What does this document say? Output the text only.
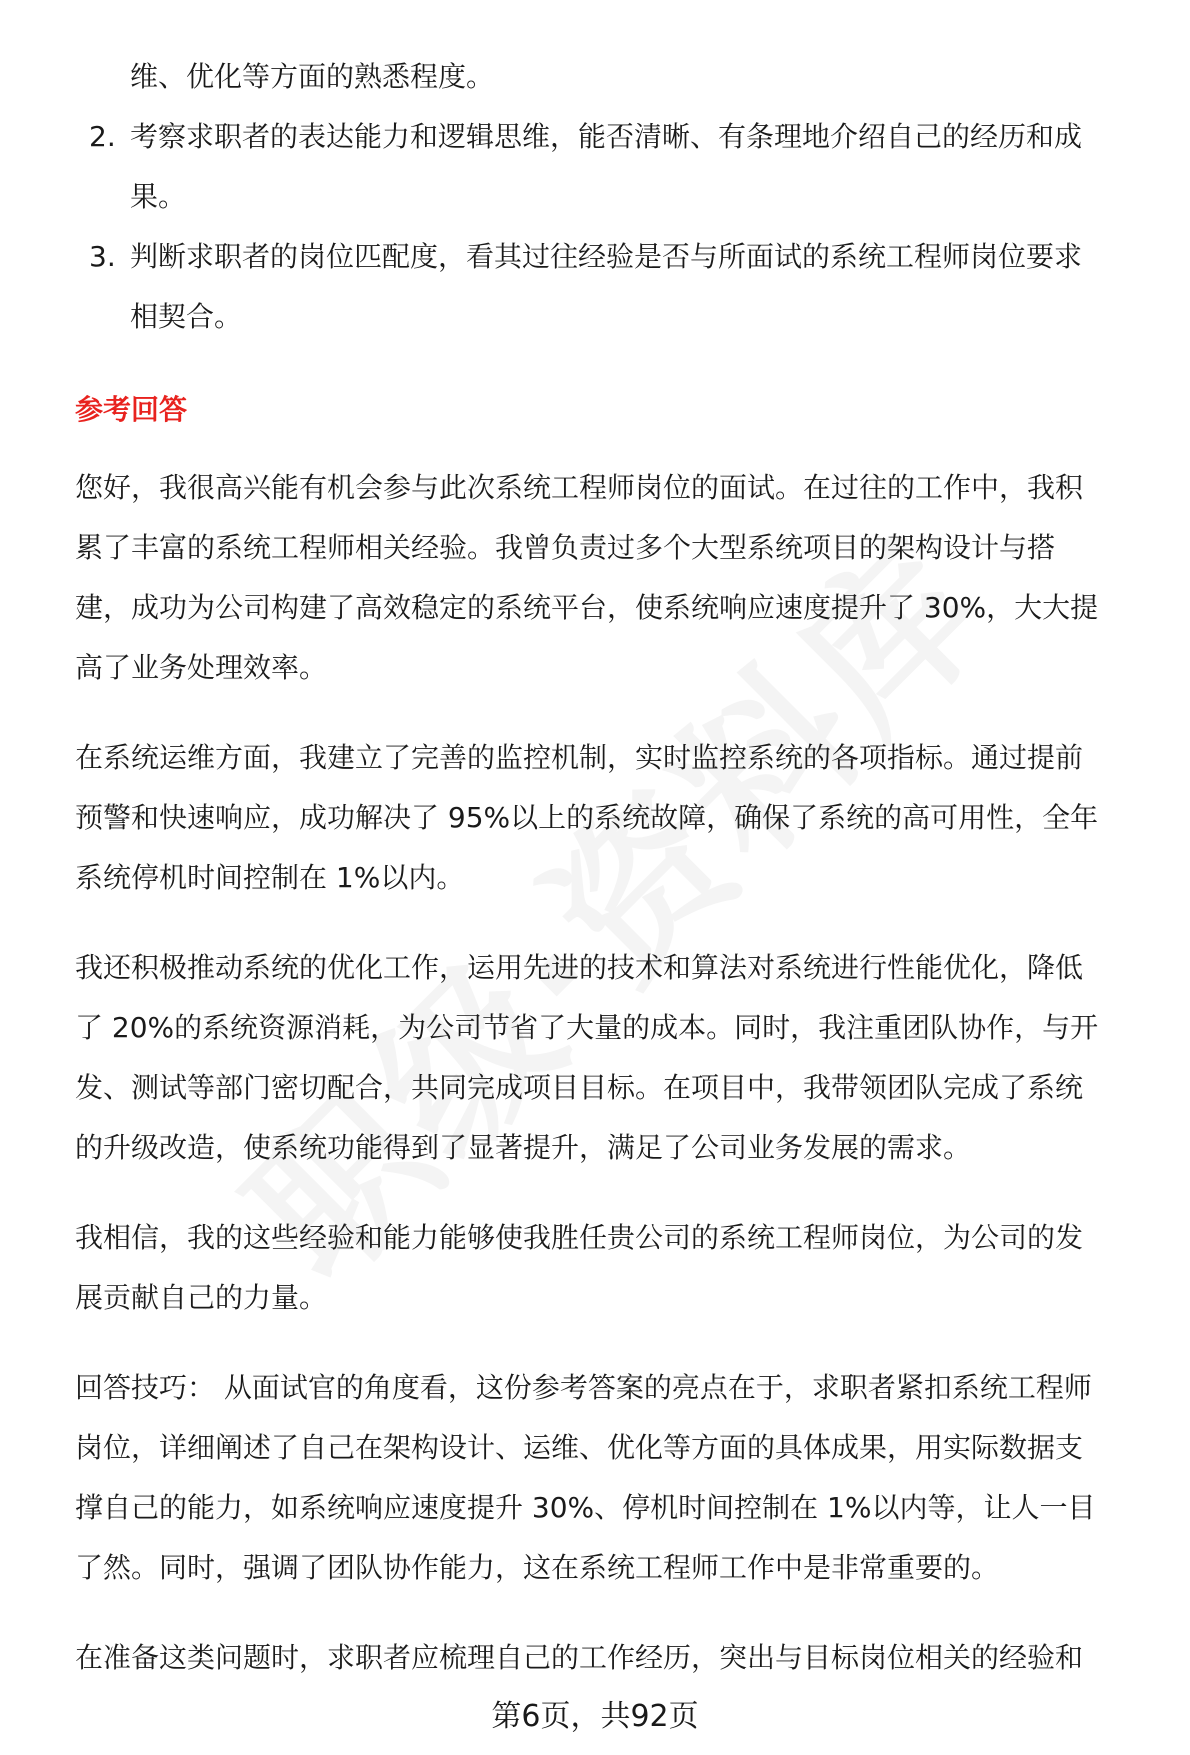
维、优化等方面的熟悉程度。
2. 考察求职者的表达能力和逻辑思维，能否清晰、有条理地介绍自己的经历和成
果。
3. 判断求职者的岗位匹配度，看其过往经验是否与所面试的系统工程师岗位要求
相契合。
参考回答
您好，我很高兴能有机会参与此次系统工程师岗位的面试。在过往的工作中，我积
累了丰富的系统工程师相关经验。我曾负责过多个大型系统项目的架构设计与搭
建，成功为公司构建了高效稳定的系统平台，使系统响应速度提升了 30%，大大提
高了业务处理效率。
在系统运维方面，我建立了完善的监控机制，实时监控系统的各项指标。通过提前
预警和快速响应，成功解决了 95%以上的系统故障，确保了系统的高可用性，全年
系统停机时间控制在 1%以内。
我还积极推动系统的优化工作，运用先进的技术和算法对系统进行性能优化，降低
了 20%的系统资源消耗，为公司节省了大量的成本。同时，我注重团队协作，与开
发、测试等部门密切配合，共同完成项目目标。在项目中，我带领团队完成了系统
的升级改造，使系统功能得到了显著提升，满足了公司业务发展的需求。
我相信，我的这些经验和能力能够使我胜任贵公司的系统工程师岗位，为公司的发
展贡献自己的力量。
回答技巧： 从面试官的角度看，这份参考答案的亮点在于，求职者紧扣系统工程师
岗位，详细阐述了自己在架构设计、运维、优化等方面的具体成果，用实际数据支
撑自己的能力，如系统响应速度提升 30%、停机时间控制在 1%以内等，让人一目
了然。同时，强调了团队协作能力，这在系统工程师工作中是非常重要的。
在准备这类问题时，求职者应梳理自己的工作经历，突出与目标岗位相关的经验和
第6页，共92页
